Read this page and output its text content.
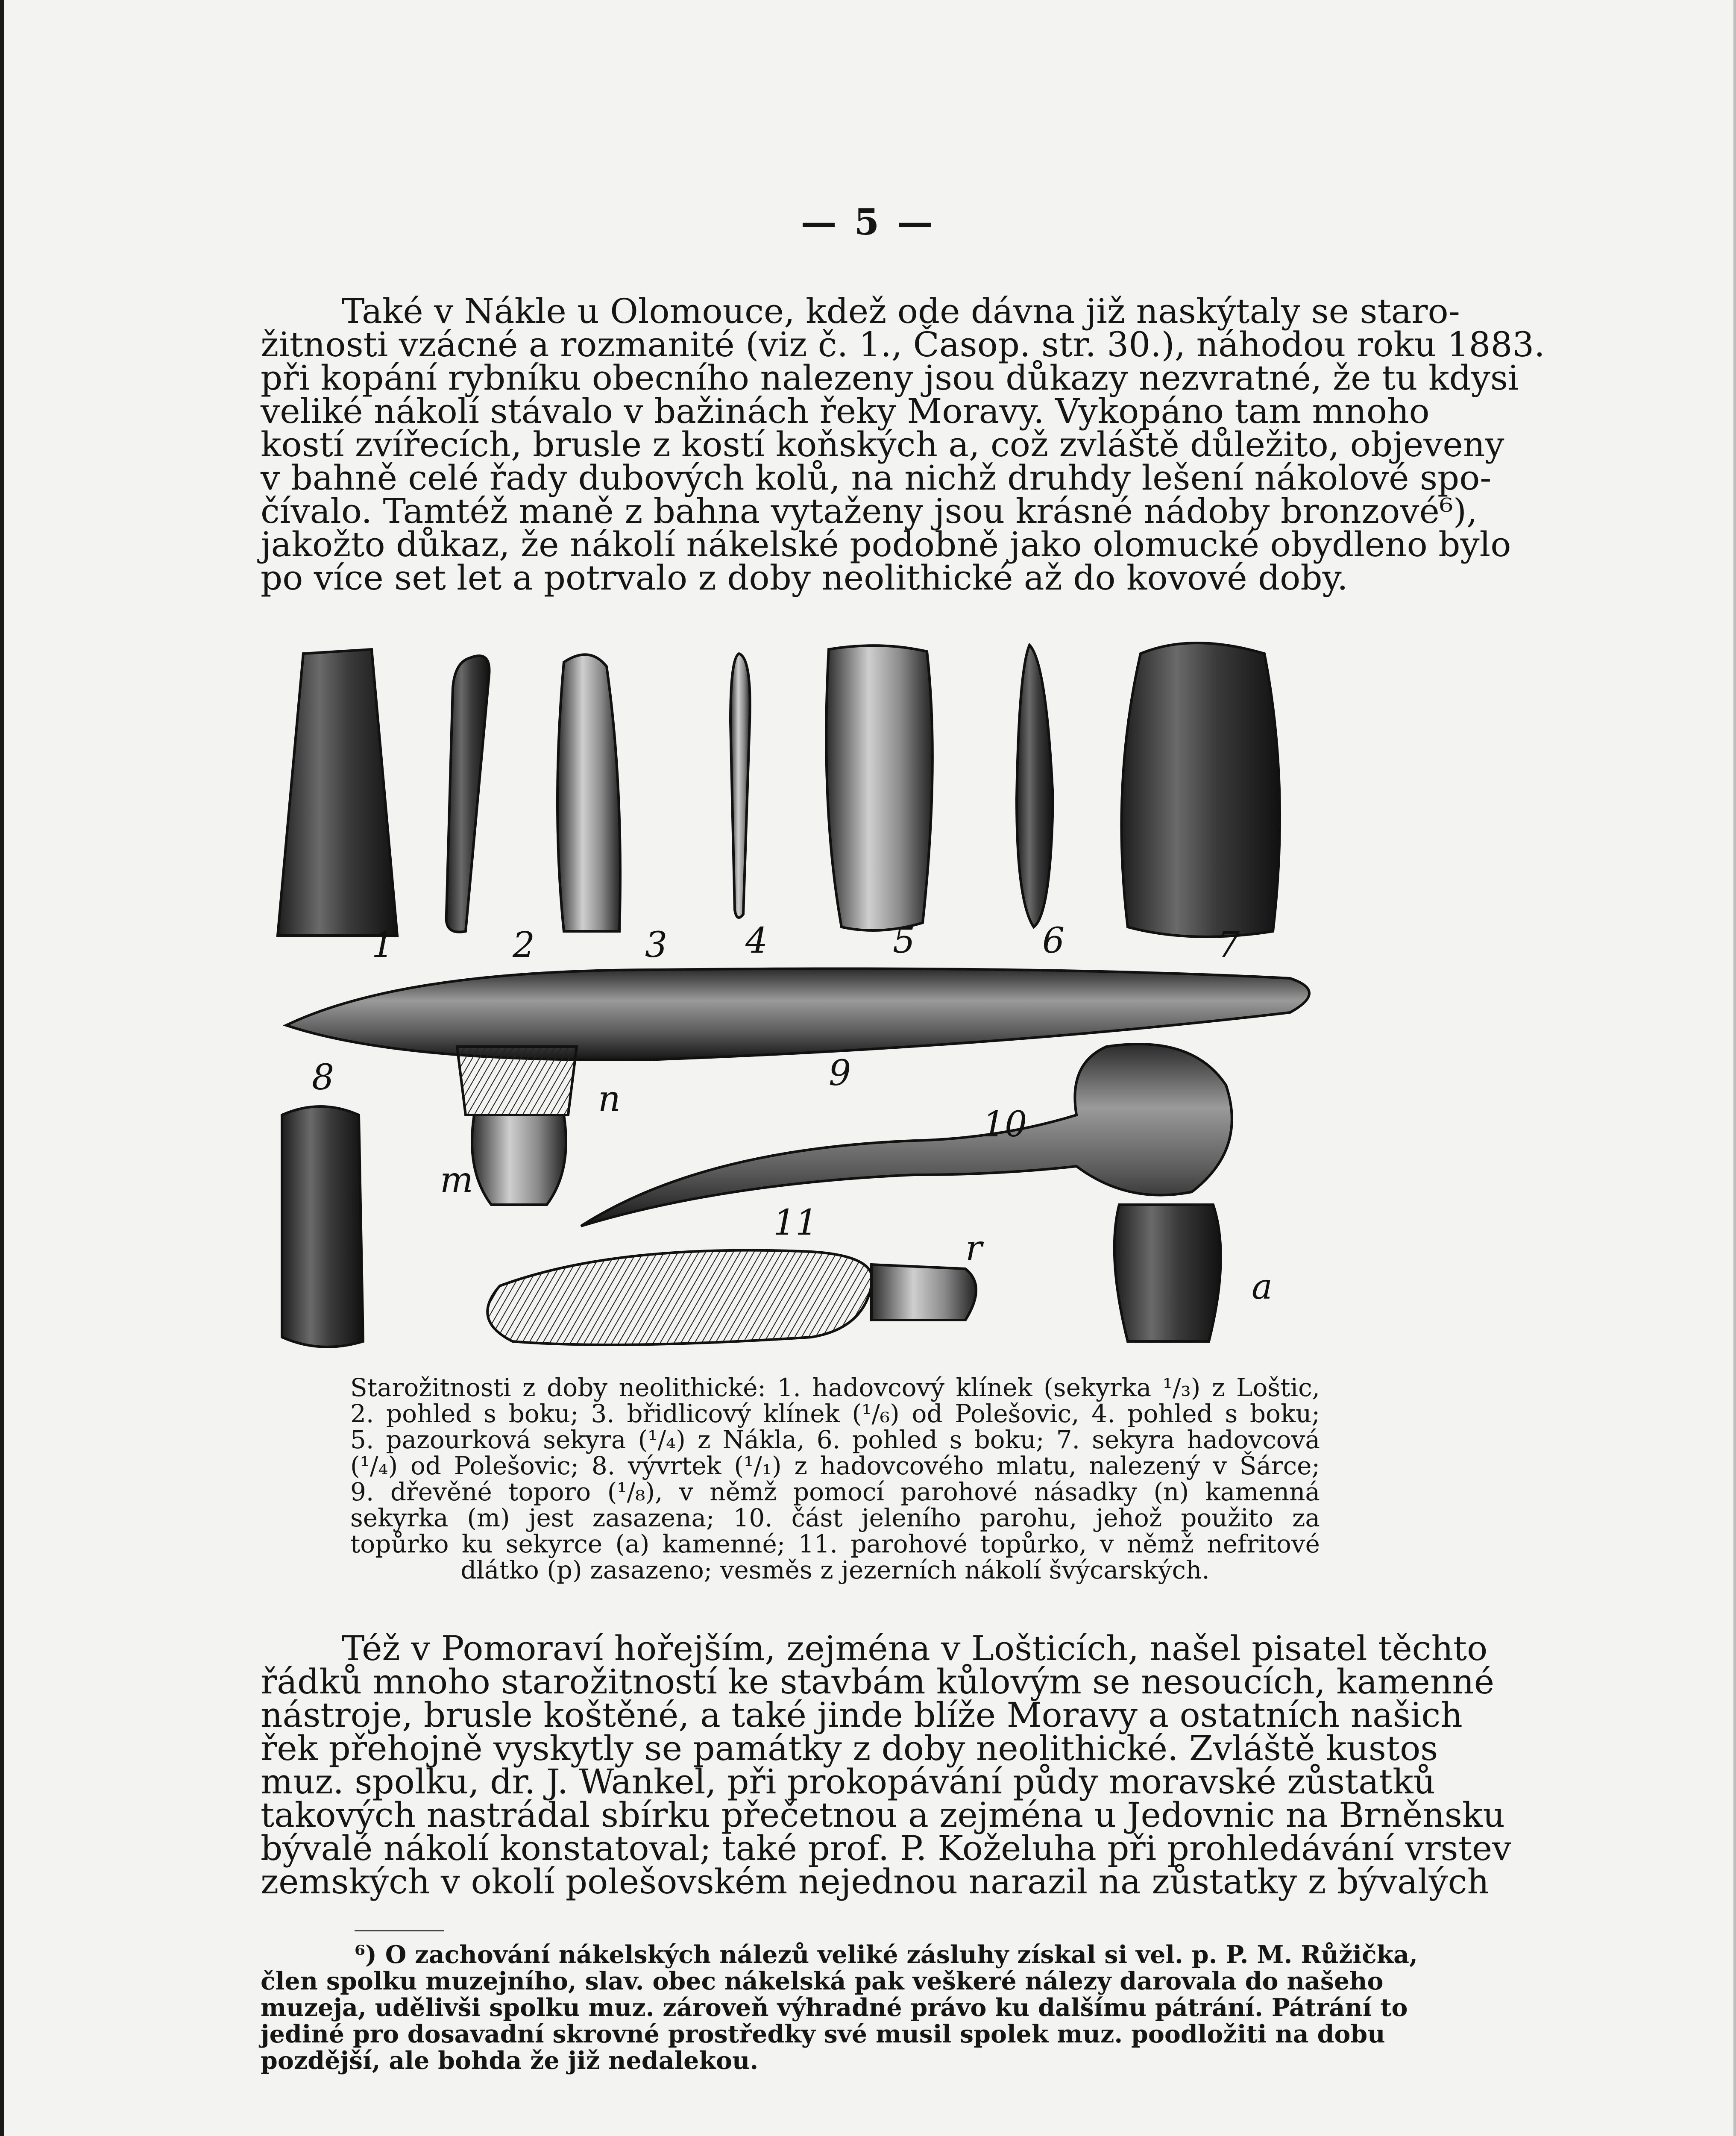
— 5 —
Také v Nákle u Olomouce, kdež ode dávna již naskýtaly se staro-
žitnosti vzácné a rozmanité (viz č. 1., Časop. str. 30.), náhodou roku 1883.
při kopání rybníku obecního nalezeny jsou důkazy nezvratné, že tu kdysi
veliké nákolí stávalo v bažinách řeky Moravy. Vykopáno tam mnoho
kostí zvířecích, brusle z kostí koňských a, což zvláště důležito, objeveny
v bahně celé řady dubových kolů, na nichž druhdy lešení nákolové spo-
čívalo. Tamtéž maně z bahna vytaženy jsou krásné nádoby bronzové⁶),
jakožto důkaz, že nákolí nákelské podobně jako olomucké obydleno bylo
po více set let a potrvalo z doby neolithické až do kovové doby.
1	2	3 4	5	6	7
8	9
n
10
m
11
r
a
Starožitnosti z doby neolithické: 1. hadovcový klínek (sekyrka ¹/₃) z Loštic,
2. pohled s boku; 3. břidlicový klínek (¹/₆) od Polešovic, 4. pohled s boku;
5. pazourková sekyra (¹/₄) z Nákla, 6. pohled s boku; 7. sekyra hadovcová
(¹/₄) od Polešovic; 8. vývrtek (¹/₁) z hadovcového mlatu, nalezený v Šárce;
9. dřevěné toporo (¹/₈), v němž pomocí parohové násadky (n) kamenná
sekyrka (m) jest zasazena; 10. část jeleního parohu, jehož použito za
topůrko ku sekyrce (a) kamenné; 11. parohové topůrko, v němž nefritové
dlátko (p) zasazeno; vesměs z jezerních nákolí švýcarských.
Též v Pomoraví hořejším, zejména v Lošticích, našel pisatel těchto
řádků mnoho starožitností ke stavbám kůlovým se nesoucích, kamenné
nástroje, brusle koštěné, a také jinde blíže Moravy a ostatních našich
řek přehojně vyskytly se památky z doby neolithické. Zvláště kustos
muz. spolku, dr. J. Wankel, při prokopávání půdy moravské zůstatků
takových nastrádal sbírku přečetnou a zejména u Jedovnic na Brněnsku
bývalé nákolí konstatoval; také prof. P. Koželuha při prohledávání vrstev
zemských v okolí polešovském nejednou narazil na zůstatky z bývalých
⁶) O zachování nákelských nálezů veliké zásluhy získal si vel. p. P. M. Růžička,
člen spolku muzejního, slav. obec nákelská pak veškeré nálezy darovala do našeho
muzeja, udělivši spolku muz. zároveň výhradné právo ku dalšímu pátrání. Pátrání to
jediné pro dosavadní skrovné prostředky své musil spolek muz. poodložiti na dobu
pozdější, ale bohda že již nedalekou.
